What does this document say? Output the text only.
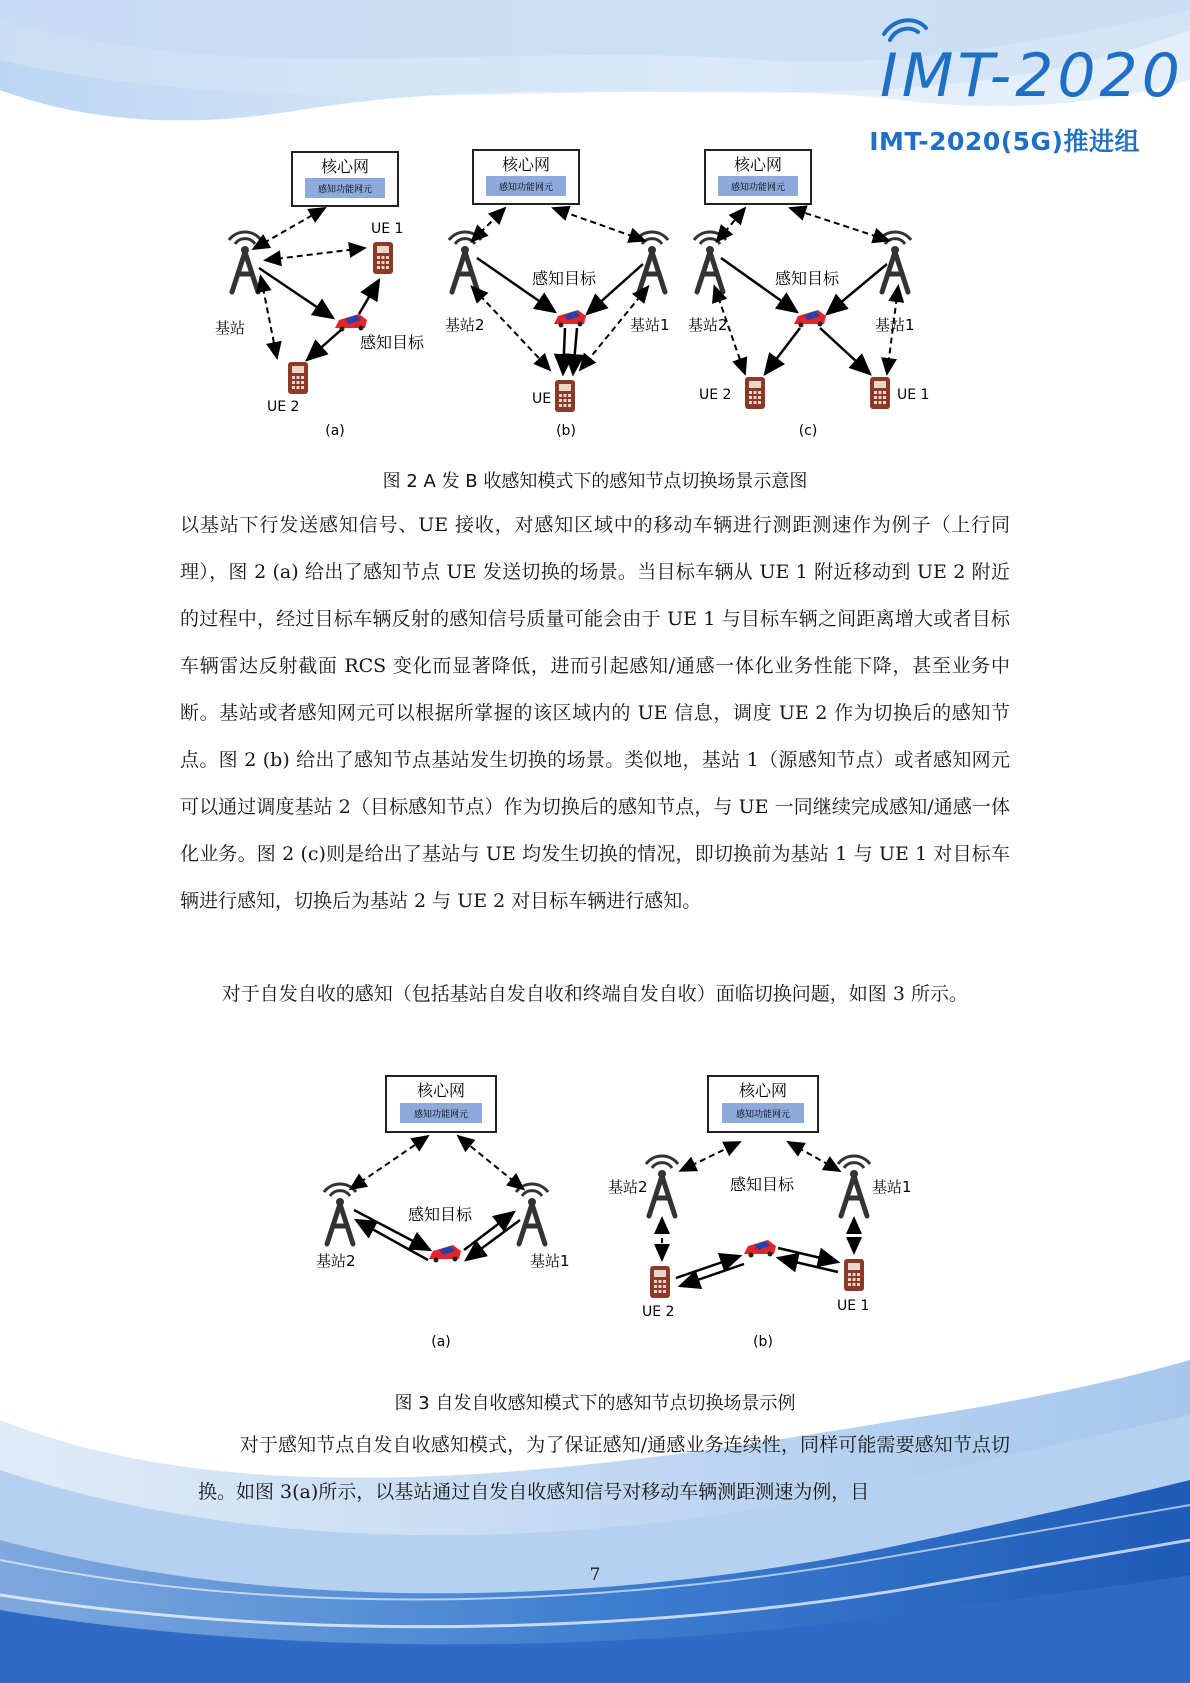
IMT-2020
IMT-2020(5G)推进组
核心网
感知功能网元
基站
UE 1
UE 2
感知目标
(a)
核心网
感知功能网元
感知目标
基站2	基站1
UE
(b)
核心网
感知功能网元
感知目标
基站2	基站1
UE 2	UE 1
(c)
图 2 A 发 B 收感知模式下的感知节点切换场景示意图
以基站下行发送感知信号、UE 接收，对感知区域中的移动车辆进行测距测速作为例子（上行同理），图 2 (a) 给出了感知节点 UE 发送切换的场景。当目标车辆从 UE 1 附近移动到 UE 2 附近的过程中，经过目标车辆反射的感知信号质量可能会由于 UE 1 与目标车辆之间距离增大或者目标车辆雷达反射截面 RCS 变化而显著降低，进而引起感知/通感一体化业务性能下降，甚至业务中断。基站或者感知网元可以根据所掌握的该区域内的 UE 信息，调度 UE 2 作为切换后的感知节点。图 2 (b) 给出了感知节点基站发生切换的场景。类似地，基站 1（源感知节点）或者感知网元可以通过调度基站 2（目标感知节点）作为切换后的感知节点，与 UE 一同继续完成感知/通感一体化业务。图 2 (c)则是给出了基站与 UE 均发生切换的情况，即切换前为基站 1 与 UE 1 对目标车辆进行感知，切换后为基站 2 与 UE 2 对目标车辆进行感知。
对于自发自收的感知（包括基站自发自收和终端自发自收）面临切换问题，如图 3 所示。
核心网
感知功能网元
感知目标
基站2	基站1
(a)
核心网
感知功能网元
感知目标
基站2	基站1
UE 2	UE 1
(b)
图 3 自发自收感知模式下的感知节点切换场景示例
对于感知节点自发自收感知模式，为了保证感知/通感业务连续性，同样可能需要感知节点切换。如图 3(a)所示，以基站通过自发自收感知信号对移动车辆测距测速为例，目
7
